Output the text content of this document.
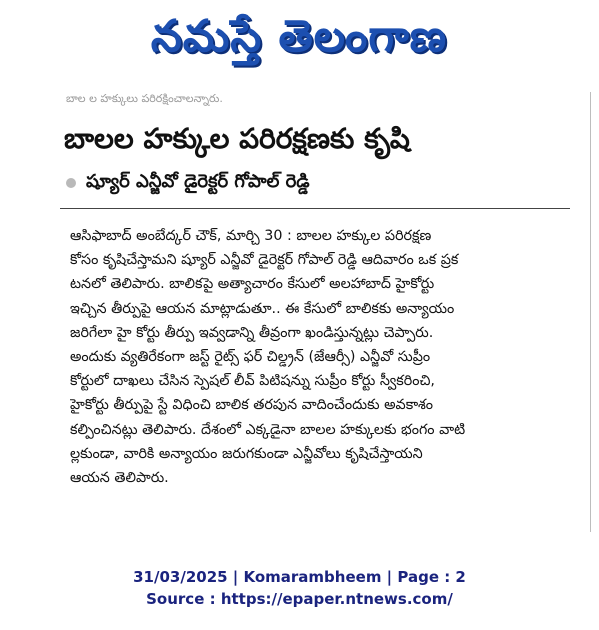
నమస్తే తెలంగాణ
బాల ల హక్కులు పరిరక్షించాలన్నారు.
బాలల హక్కుల పరిరక్షణకు కృషి
ష్యూర్ ఎన్జీవో డైరెక్టర్ గోపాల్ రెడ్డి
ఆసిఫాబాద్ అంబేద్కర్ చౌక్, మార్చి 30 : బాలల హక్కుల పరిరక్షణ
కోసం కృషిచేస్తామని ష్యూర్ ఎన్జీవో డైరెక్టర్ గోపాల్ రెడ్డి ఆదివారం ఒక ప్రక
టనలో తెలిపారు. బాలికపై అత్యాచారం కేసులో అలహాబాద్ హైకోర్టు
ఇచ్చిన తీర్పుపై ఆయన మాట్లాడుతూ.. ఈ కేసులో బాలికకు అన్యాయం
జరిగేలా హై కోర్టు తీర్పు ఇవ్వడాన్ని తీవ్రంగా ఖండిస్తున్నట్లు చెప్పారు.
అందుకు వ్యతిరేకంగా జస్ట్ రైట్స్ ఫర్ చిల్డ్రన్ (జేఆర్సీ) ఎన్జీవో సుప్రీం
కోర్టులో దాఖలు చేసిన స్పెషల్ లీవ్ పిటిషన్ను సుప్రీం కోర్టు స్వీకరించి,
హైకోర్టు తీర్పుపై స్టే విధించి బాలిక తరపున వాదించేందుకు అవకాశం
కల్పించినట్లు తెలిపారు. దేశంలో ఎక్కడైనా బాలల హక్కులకు భంగం వాటి
ల్లకుండా, వారికి అన్యాయం జరుగకుండా ఎన్జీవోలు కృషిచేస్తాయని
ఆయన తెలిపారు.
31/03/2025 | Komarambheem | Page : 2
Source : https://epaper.ntnews.com/
